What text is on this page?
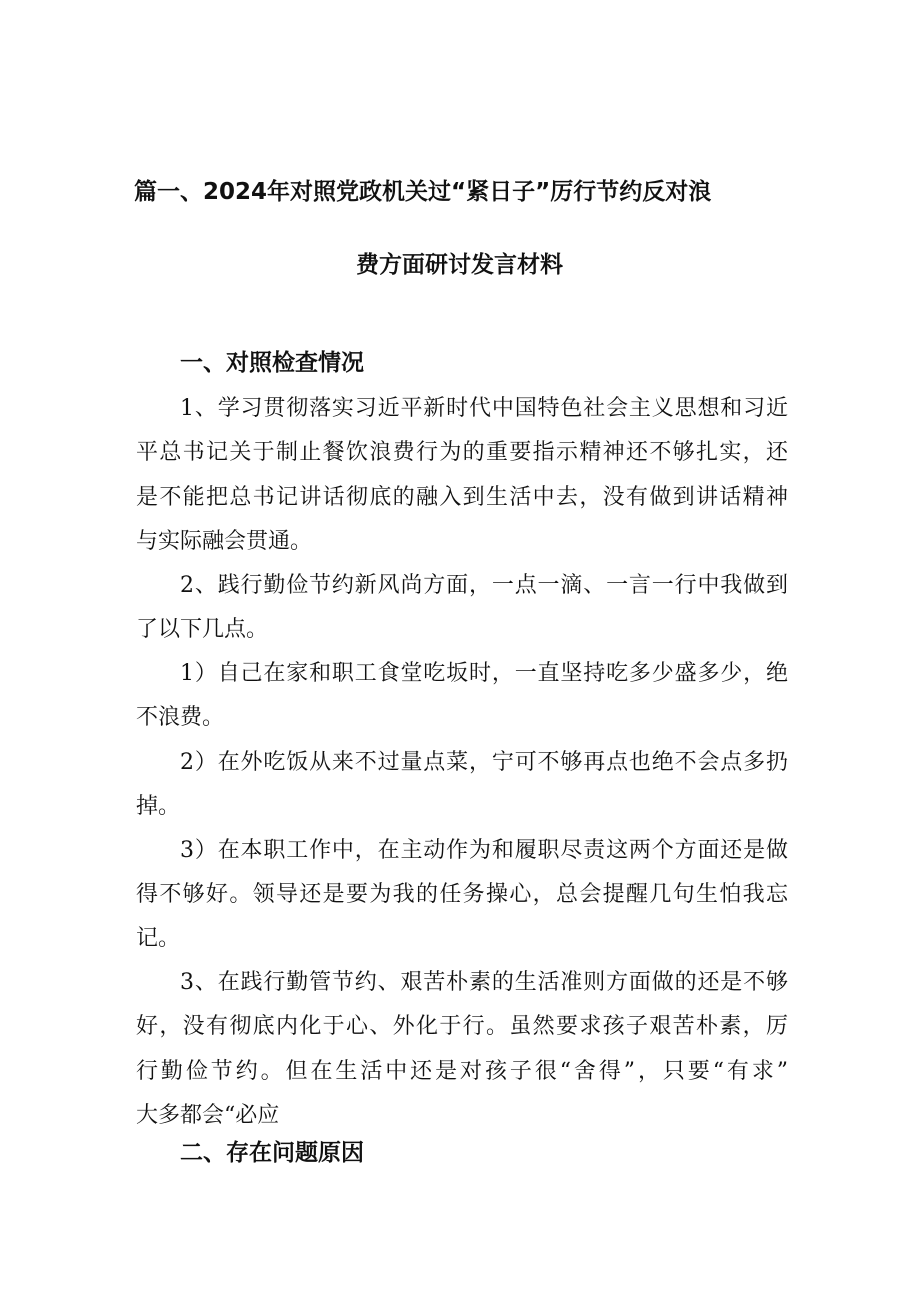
篇一、2024年对照党政机关过“紧日子”厉行节约反对浪
费方面研讨发言材料
一、对照检查情况
1、学习贯彻落实习近平新时代中国特色社会主义思想和习近
平总书记关于制止餐饮浪费行为的重要指示精神还不够扎实，还
是不能把总书记讲话彻底的融入到生活中去，没有做到讲话精神
与实际融会贯通。
2、践行勤俭节约新风尚方面，一点一滴、一言一行中我做到
了以下几点。
1）自己在家和职工食堂吃坂时，一直坚持吃多少盛多少，绝
不浪费。
2）在外吃饭从来不过量点菜，宁可不够再点也绝不会点多扔
掉。
3）在本职工作中，在主动作为和履职尽责这两个方面还是做
得不够好。领导还是要为我的任务操心，总会提醒几句生怕我忘
记。
3、在践行勤管节约、艰苦朴素的生活准则方面做的还是不够
好，没有彻底内化于心、外化于行。虽然要求孩子艰苦朴素，厉
行勤俭节约。但在生活中还是对孩子很“舍得”，只要“有求”
大多都会“必应
二、存在问题原因
